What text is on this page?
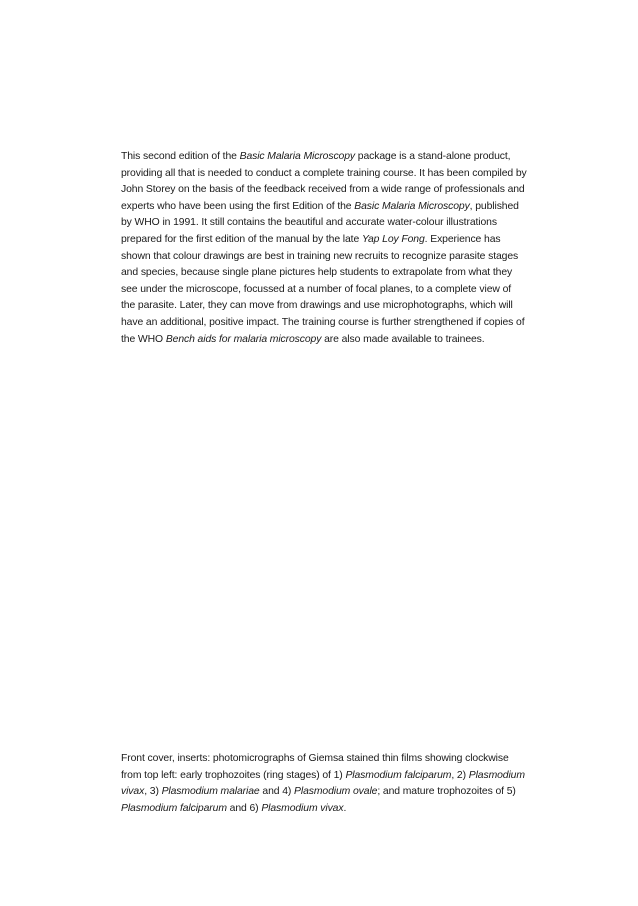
This second edition of the Basic Malaria Microscopy package is a stand-alone product,
providing all that is needed to conduct a complete training course. It has been compiled by
John Storey on the basis of the feedback received from a wide range of professionals and
experts who have been using the first Edition of the Basic Malaria Microscopy, published
by WHO in 1991. It still contains the beautiful and accurate water-colour illustrations
prepared for the first edition of the manual by the late Yap Loy Fong. Experience has
shown that colour drawings are best in training new recruits to recognize parasite stages
and species, because single plane pictures help students to extrapolate from what they
see under the microscope, focussed at a number of focal planes, to a complete view of
the parasite. Later, they can move from drawings and use microphotographs, which will
have an additional, positive impact. The training course is further strengthened if copies of
the WHO Bench aids for malaria microscopy are also made available to trainees.

Front cover, inserts: photomicrographs of Giemsa stained thin films showing clockwise
from top left: early trophozoites (ring stages) of 1) Plasmodium falciparum, 2) Plasmodium
vivax, 3) Plasmodium malariae and 4) Plasmodium ovale; and mature trophozoites of 5)
Plasmodium falciparum and 6) Plasmodium vivax.
